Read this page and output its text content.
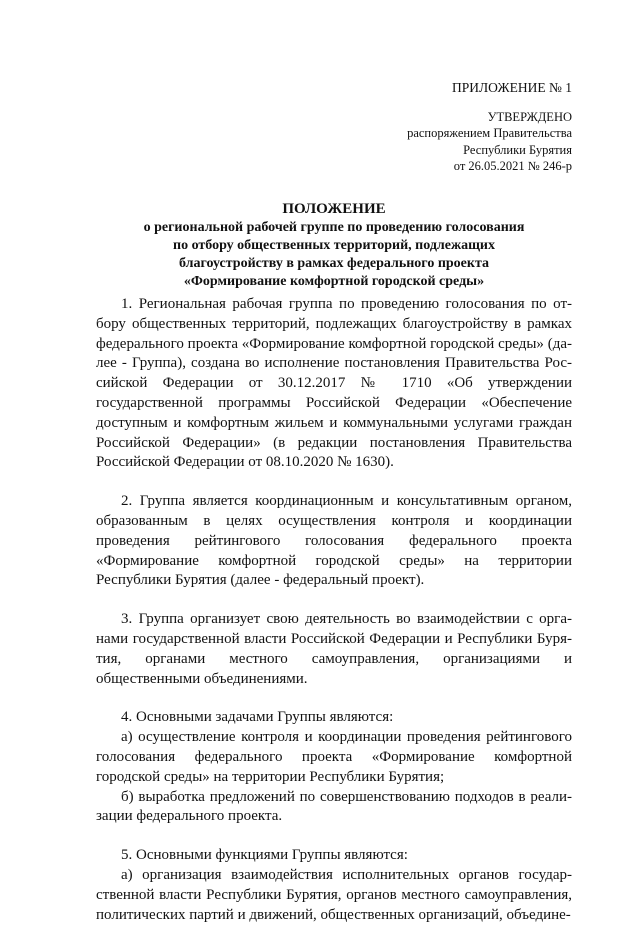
ПРИЛОЖЕНИЕ № 1
УТВЕРЖДЕНО
распоряжением Правительства
Республики Бурятия
от 26.05.2021 № 246-р
ПОЛОЖЕНИЕ
о региональной рабочей группе по проведению голосования
по отбору общественных территорий, подлежащих
благоустройству в рамках федерального проекта
«Формирование комфортной городской среды»

1. Региональная рабочая группа по проведению голосования по отбору общественных территорий, подлежащих благоустройству в рамках федерального проекта «Формирование комфортной городской среды» (далее - Группа), создана во исполнение постановления Правительства Российской Федерации от 30.12.2017 № 1710 «Об утверждении государственной программы Российской Федерации «Обеспечение доступным и комфортным жильем и коммунальными услугами граждан Российской Федерации» (в редакции постановления Правительства Российской Федерации от 08.10.2020 № 1630).

2. Группа является координационным и консультативным органом, образованным в целях осуществления контроля и координации проведения рейтингового голосования федерального проекта «Формирование комфортной городской среды» на территории Республики Бурятия (далее - федеральный проект).

3. Группа организует свою деятельность во взаимодействии с органами государственной власти Российской Федерации и Республики Бурятия, органами местного самоуправления, организациями и общественными объединениями.

4. Основными задачами Группы являются:

а) осуществление контроля и координации проведения рейтингового голосования федерального проекта «Формирование комфортной городской среды» на территории Республики Бурятия;

б) выработка предложений по совершенствованию подходов в реализации федерального проекта.

5. Основными функциями Группы являются:

а) организация взаимодействия исполнительных органов государственной власти Республики Бурятия, органов местного самоуправления, политических партий и движений, общественных организаций, объедине-
